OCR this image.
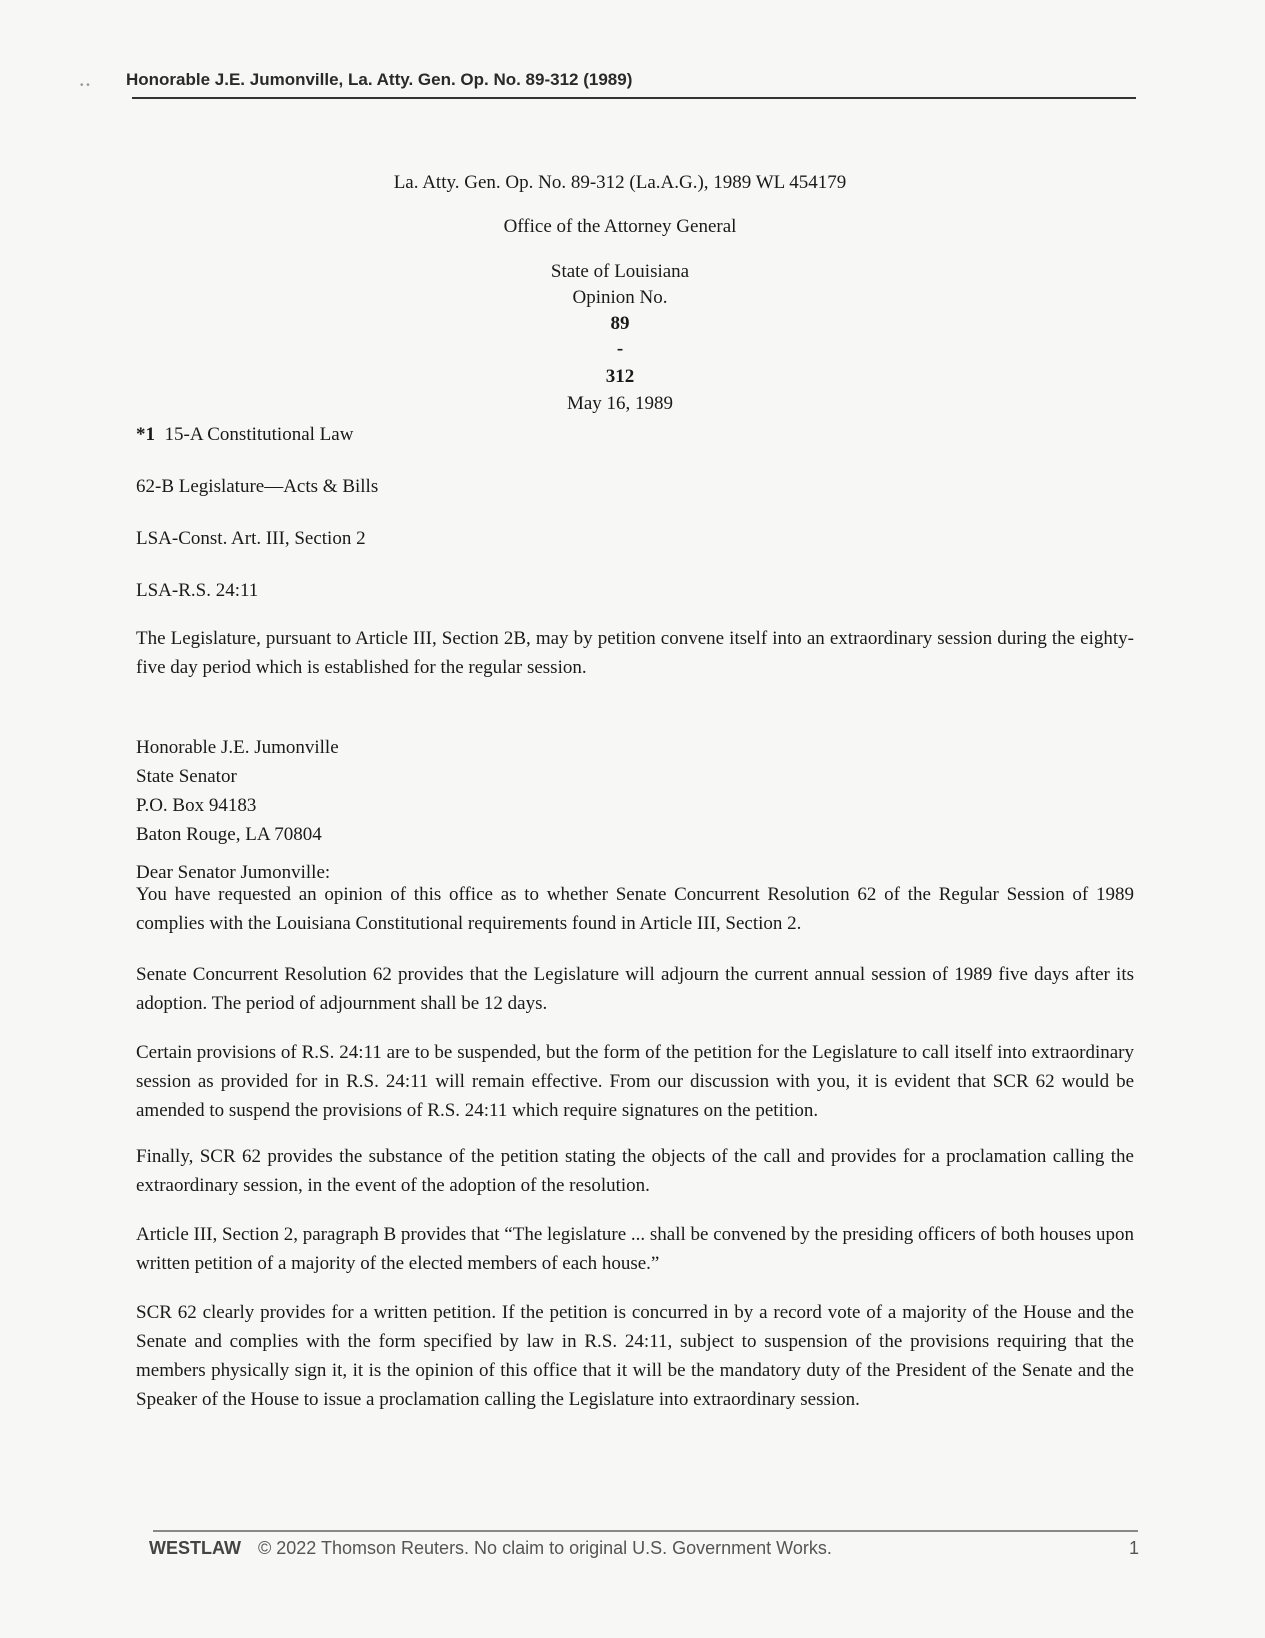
• • Honorable J.E. Jumonville, La. Atty. Gen. Op. No. 89-312 (1989)
La. Atty. Gen. Op. No. 89-312 (La.A.G.), 1989 WL 454179
Office of the Attorney General
State of Louisiana
Opinion No.
89
-
312
May 16, 1989
*1 15-A Constitutional Law
62-B Legislature—Acts & Bills
LSA-Const. Art. III, Section 2
LSA-R.S. 24:11
The Legislature, pursuant to Article III, Section 2B, may by petition convene itself into an extraordinary session during the eighty-five day period which is established for the regular session.

Honorable J.E. Jumonville

State Senator

P.O. Box 94183

Baton Rouge, LA 70804

Dear Senator Jumonville:
You have requested an opinion of this office as to whether Senate Concurrent Resolution 62 of the Regular Session of 1989 complies with the Louisiana Constitutional requirements found in Article III, Section 2.
Senate Concurrent Resolution 62 provides that the Legislature will adjourn the current annual session of 1989 five days after its adoption. The period of adjournment shall be 12 days.
Certain provisions of R.S. 24:11 are to be suspended, but the form of the petition for the Legislature to call itself into extraordinary session as provided for in R.S. 24:11 will remain effective. From our discussion with you, it is evident that SCR 62 would be amended to suspend the provisions of R.S. 24:11 which require signatures on the petition.
Finally, SCR 62 provides the substance of the petition stating the objects of the call and provides for a proclamation calling the extraordinary session, in the event of the adoption of the resolution.
Article III, Section 2, paragraph B provides that “The legislature ... shall be convened by the presiding officers of both houses upon written petition of a majority of the elected members of each house.”
SCR 62 clearly provides for a written petition. If the petition is concurred in by a record vote of a majority of the House and the Senate and complies with the form specified by law in R.S. 24:11, subject to suspension of the provisions requiring that the members physically sign it, it is the opinion of this office that it will be the mandatory duty of the President of the Senate and the Speaker of the House to issue a proclamation calling the Legislature into extraordinary session.
WESTLAW © 2022 Thomson Reuters. No claim to original U.S. Government Works.	1
